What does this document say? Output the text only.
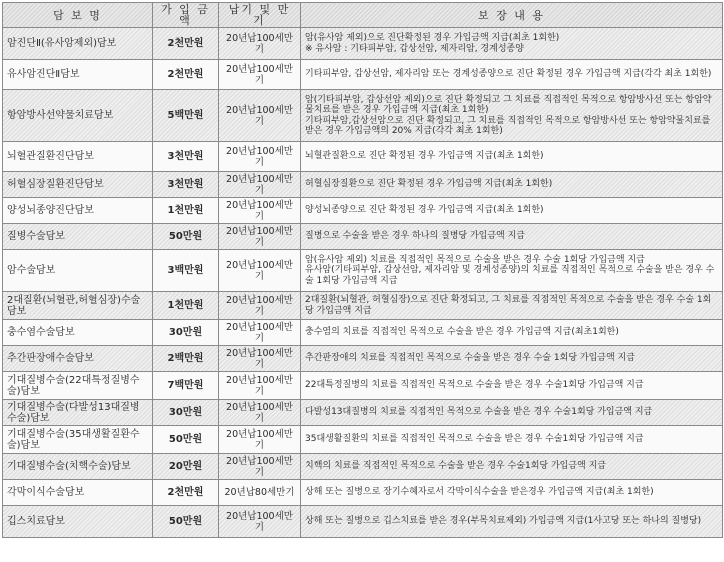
담 보 명	가 입 금 액	납기 및 만기	보 장 내 용
암진단Ⅱ(유사암제외)담보	2천만원	20년납100세만기	암(유사암 제외)으로 진단확정된 경우 가입금액 지급(최초 1회한)
※ 유사암 : 기타피부암, 갑상선암, 제자리암, 경계성종양
유사암진단Ⅱ담보	2천만원	20년납100세만기	기타피부암, 갑상선암, 제자리암 또는 경계성종양으로 진단 확정된 경우 가입금액 지급(각각 최초 1회한)
항암방사선약물치료담보	5백만원	20년납100세만기	암(기타피부암, 갑상선암 제외)으로 진단 확정되고 그 치료를 직접적인 목적으로 항암방사선 또는 항암약물치료를 받은 경우 가입금액 지급(최초 1회한)
기타피부암,갑상선암으로 진단 확정되고, 그 치료를 직접적인 목적으로 항암방사선 또는 항암약물치료를 받은 경우 가입금액의 20% 지급(각각 최초 1회한)
뇌혈관질환진단담보	3천만원	20년납100세만기	뇌혈관질환으로 진단 확정된 경우 가입금액 지급(최초 1회한)
허혈심장질환진단담보	3천만원	20년납100세만기	허혈심장질환으로 진단 확정된 경우 가입금액 지급(최초 1회한)
양성뇌종양진단담보	1천만원	20년납100세만기	양성뇌종양으로 진단 확정된 경우 가입금액 지급(최초 1회한)
질병수술담보	50만원	20년납100세만기	질병으로 수술을 받은 경우 하나의 질병당 가입금액 지급
암수술담보	3백만원	20년납100세만기	암(유사암 제외) 치료를 직접적인 목적으로 수술을 받은 경우 수술 1회당 가입금액 지급
유사암(기타피부암, 갑상선암, 제자리암 및 경계성종양)의 치료를 직접적인 목적으로 수술을 받은 경우 수술 1회당 가입금액 지급
2대질환(뇌혈관,허혈심장)수술담보	1천만원	20년납100세만기	2대질환(뇌혈관, 허혈심장)으로 진단 확정되고, 그 치료를 직접적인 목적으로 수술을 받은 경우 수술 1회당 가입금액 지급
충수염수술담보	30만원	20년납100세만기	충수염의 치료를 직접적인 목적으로 수술을 받은 경우 가입금액 지급(최초1회한)
추간판장애수술담보	2백만원	20년납100세만기	추간판장애의 치료를 직접적인 목적으로 수술을 받은 경우 수술 1회당 가입금액 지급
기대질병수술(22대특정질병수술)담보	7백만원	20년납100세만기	22대특정질병의 치료를 직접적인 목적으로 수술을 받은 경우 수술1회당 가입금액 지급
기대질병수술(다발성13대질병수술)담보	30만원	20년납100세만기	다발성13대질병의 치료를 직접적인 목적으로 수술을 받은 경우 수술1회당 가입금액 지급
기대질병수술(35대생활질환수술)담보	50만원	20년납100세만기	35대생활질환의 치료를 직접적인 목적으로 수술을 받은 경우 수술1회당 가입금액 지급
기대질병수술(치핵수술)담보	20만원	20년납100세만기	치핵의 치료를 직접적인 목적으로 수술을 받은 경우 수술1회당 가입금액 지급
각막이식수술담보	2천만원	20년납80세만기	상해 또는 질병으로 장기수혜자로서 각막이식수술을 받은경우 가입금액 지급(최초 1회한)
깁스치료담보	50만원	20년납100세만기	상해 또는 질병으로 깁스치료를 받은 경우(부목치료제외) 가입금액 지급(1사고당 또는 하나의 질병당)
